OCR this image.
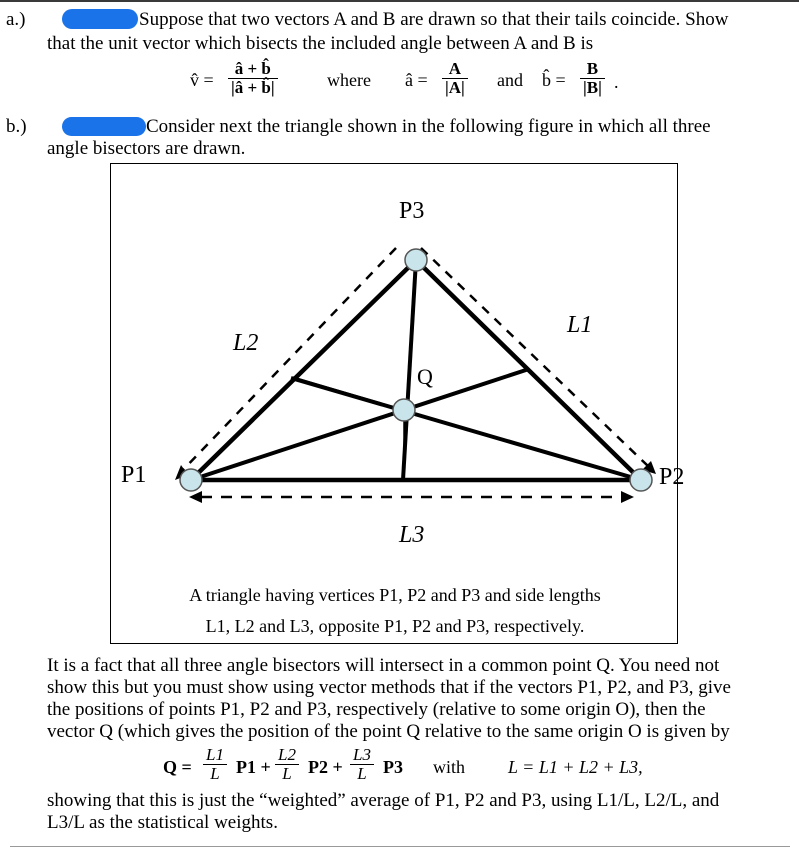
a.)	Suppose that two vectors A and B are drawn so that their tails coincide. Show
that the unit vector which bisects the included angle between A and B is
v̂ = $\frac{â + b̂}{|â + b̂|}$	where â = $\frac{A}{|A|}$ and b̂ = $\frac{B}{|B|}$ .
b.)	Consider next the triangle shown in the following figure in which all three
angle bisectors are drawn.
P1	P2
P3
Q
L1
L2
L3
A triangle having vertices P1, P2 and P3 and side lengths
L1, L2 and L3, opposite P1, P2 and P3, respectively.
It is a fact that all three angle bisectors will intersect in a common point Q. You need not
show this but you must show using vector methods that if the vectors P1, P2, and P3, give
the positions of points P1, P2 and P3, respectively (relative to some origin O), then the
vector Q (which gives the position of the point Q relative to the same origin O is given by
$Q = \frac{L1}{L} P1 + \frac{L2}{L} P2 + \frac{L3}{L} P3$ with L = L1 + L2 + L3,
showing that this is just the “weighted” average of P1, P2 and P3, using L1/L, L2/L, and
L3/L as the statistical weights.
